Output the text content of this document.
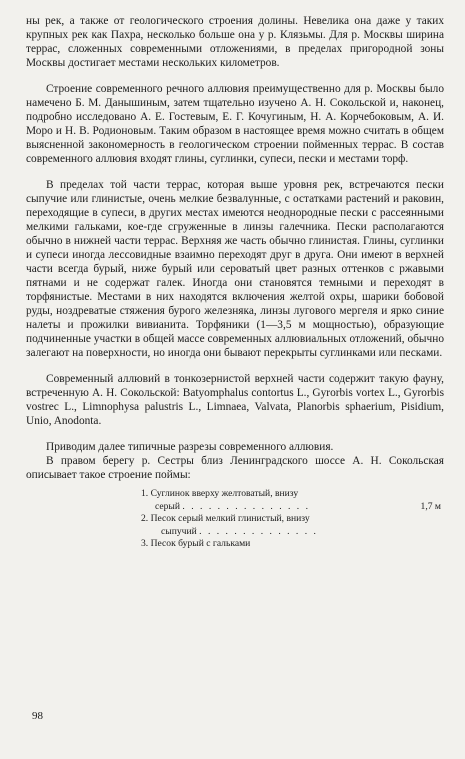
ны рек, а также от геологического строения долины. Невелика она даже у таких крупных рек как Пахра, несколько больше она у р. Клязьмы. Для р. Москвы ширина террас, сложенных современными отложениями, в пределах пригородной зоны Москвы достигает местами нескольких километров.

Строение современного речного аллювия преимущественно для р. Москвы было намечено Б. М. Данышиным, затем тщательно изучено А. Н. Сокольской и, наконец, подробно исследовано А. Е. Гостевым, Е. Г. Кочугиным, Н. А. Корчебоковым, А. И. Моро и Н. В. Родионовым. Таким образом в настоящее время можно считать в общем выясненной закономерность в геологическом строении пойменных террас. В состав современного аллювия входят глины, суглинки, супеси, пески и местами торф.

В пределах той части террас, которая выше уровня рек, встречаются пески сыпучие или глинистые, очень мелкие безвалунные, с остатками растений и раковин, переходящие в супеси, в других местах имеются неоднородные пески с рассеянными мелкими гальками, кое-где сгруженные в линзы галечника. Пески располагаются обычно в нижней части террас. Верхняя же часть обычно глинистая. Глины, суглинки и супеси иногда лессовидные взаимно переходят друг в друга. Они имеют в верхней части всегда бурый, ниже бурый или сероватый цвет разных оттенков с ржавыми пятнами и не содержат галек. Иногда они становятся темными и переходят в торфянистые. Местами в них находятся включения желтой охры, шарики бобовой руды, ноздреватые стяжения бурого железняка, линзы лугового мергеля и ярко синие налеты и прожилки вивианита. Торфяники (1—3,5 м мощностью), образующие подчиненные участки в общей массе современных аллювиальных отложений, обычно залегают на поверхности, но иногда они бывают перекрыты суглинками или песками.

Современный аллювий в тонкозернистой верхней части содержит такую фауну, встреченную А. Н. Сокольской: Batyomphalus contortus L., Gyrorbis vortex L., Gyrorbis vostrec L., Limnophysa palustris L., Limnaea, Valvata, Planorbis sphaerium, Pisidium, Unio, Anodonta.

Приводим далее типичные разрезы современного аллювия.

В правом берегу р. Сестры близ Ленинградского шоссе А. Н. Сокольская описывает такое строение поймы:

1. Суглинок вверху желтоватый, внизу
серый . . . . . . . . . . . . . . .	1,7 м
2. Песок серый мелкий глинистый, внизу
сыпучий . . . . . . . . . . . . . .
3. Песок бурый с гальками
98
